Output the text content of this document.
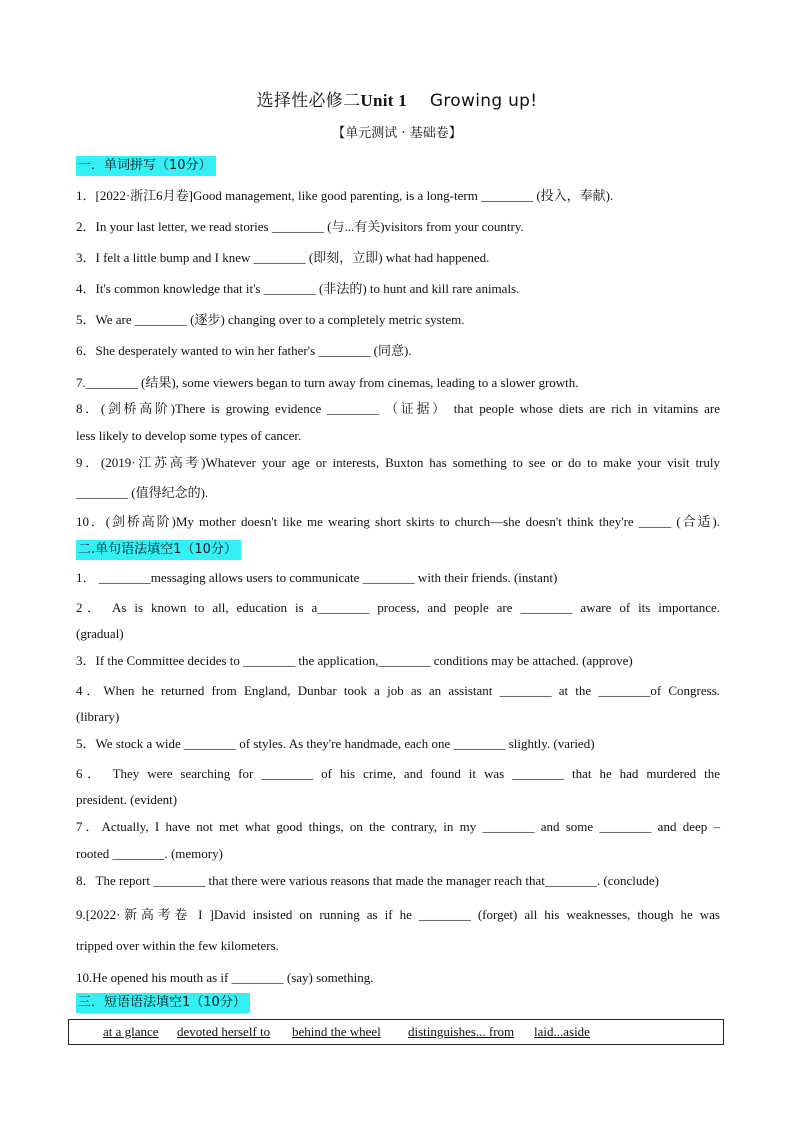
选择性必修二Unit 1 Growing up!
【单元测试 · 基础卷】
一．单词拼写（10分）
1．[2022·浙江6月卷]Good management, like good parenting, is a long-term ________ (投入，奉献).
2．In your last letter, we read stories ________ (与...有关)visitors from your country.
3．I felt a little bump and I knew ________ (即刻，立即) what had happened.
4．It's common knowledge that it's ________ (非法的) to hunt and kill rare animals.
5．We are ________ (逐步) changing over to a completely metric system.
6．She desperately wanted to win her father's ________ (同意).
7.________ (结果), some viewers began to turn away from cinemas, leading to a slower growth.
8．(剑桥高阶)There is growing evidence ________ （证据） that people whose diets are rich in vitamins are
less likely to develop some types of cancer.
9．(2019·江苏高考)Whatever your age or interests, Buxton has something to see or do to make your visit truly
________ (值得纪念的).
10．(剑桥高阶)My mother doesn't like me wearing short skirts to church—she doesn't think they're _____ (合适).
二.单句语法填空1（10分）
1． ________messaging allows users to communicate ________ with their friends. (instant)
2． As is known to all, education is a________ process, and people are ________ aware of its importance.
(gradual)
3．If the Committee decides to ________ the application,________ conditions may be attached. (approve)
4．When he returned from England, Dunbar took a job as an assistant ________ at the ________of Congress.
(library)
5．We stock a wide ________ of styles. As they're handmade, each one ________ slightly. (varied)
6． They were searching for ________ of his crime, and found it was ________ that he had murdered the
president. (evident)
7．Actually, I have not met what good things, on the contrary, in my ________ and some ________ and deep –
rooted ________. (memory)
8．The report ________ that there were various reasons that made the manager reach that________. (conclude)
9.[2022·新高考卷 I ]David insisted on running as if he ________ (forget) all his weaknesses, though he was
tripped over within the few kilometers.
10.He opened his mouth as if ________ (say) something.
三．短语语法填空1（10分）
at a glance devoted herself to behind the wheel distinguishes... from laid...aside
